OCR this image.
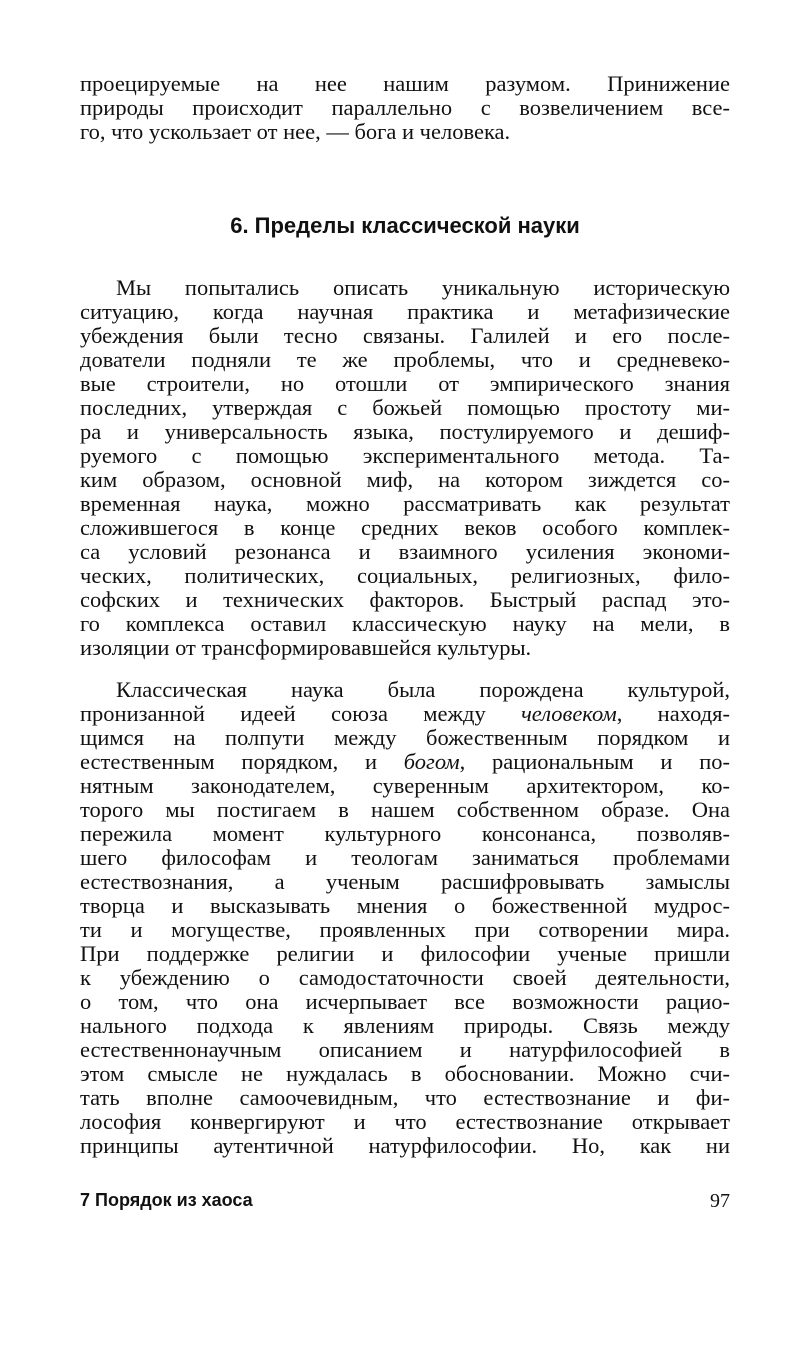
проецируемые на нее нашим разумом. Принижение
природы происходит параллельно с возвеличением все-
го, что ускользает от нее, — бога и человека.
6. Пределы классической науки
Мы попытались описать уникальную историческую
ситуацию, когда научная практика и метафизические
убеждения были тесно связаны. Галилей и его после-
дователи подняли те же проблемы, что и средневеко-
вые строители, но отошли от эмпирического знания
последних, утверждая с божьей помощью простоту ми-
ра и универсальность языка, постулируемого и дешиф-
руемого с помощью экспериментального метода. Та-
ким образом, основной миф, на котором зиждется со-
временная наука, можно рассматривать как результат
сложившегося в конце средних веков особого комплек-
са условий резонанса и взаимного усиления экономи-
ческих, политических, социальных, религиозных, фило-
софских и технических факторов. Быстрый распад это-
го комплекса оставил классическую науку на мели, в
изоляции от трансформировавшейся культуры.
Классическая наука была порождена культурой,
пронизанной идеей союза между человеком, находя-
щимся на полпути между божественным порядком и
естественным порядком, и богом, рациональным и по-
нятным законодателем, суверенным архитектором, ко-
торого мы постигаем в нашем собственном образе. Она
пережила момент культурного консонанса, позволяв-
шего философам и теологам заниматься проблемами
естествознания, а ученым расшифровывать замыслы
творца и высказывать мнения о божественной мудрос-
ти и могуществе, проявленных при сотворении мира.
При поддержке религии и философии ученые пришли
к убеждению о самодостаточности своей деятельности,
о том, что она исчерпывает все возможности рацио-
нального подхода к явлениям природы. Связь между
естественнонаучным описанием и натурфилософией в
этом смысле не нуждалась в обосновании. Можно счи-
тать вполне самоочевидным, что естествознание и фи-
лософия конвергируют и что естествознание открывает
принципы аутентичной натурфилософии. Но, как ни
7 Порядок из хаоса	97
